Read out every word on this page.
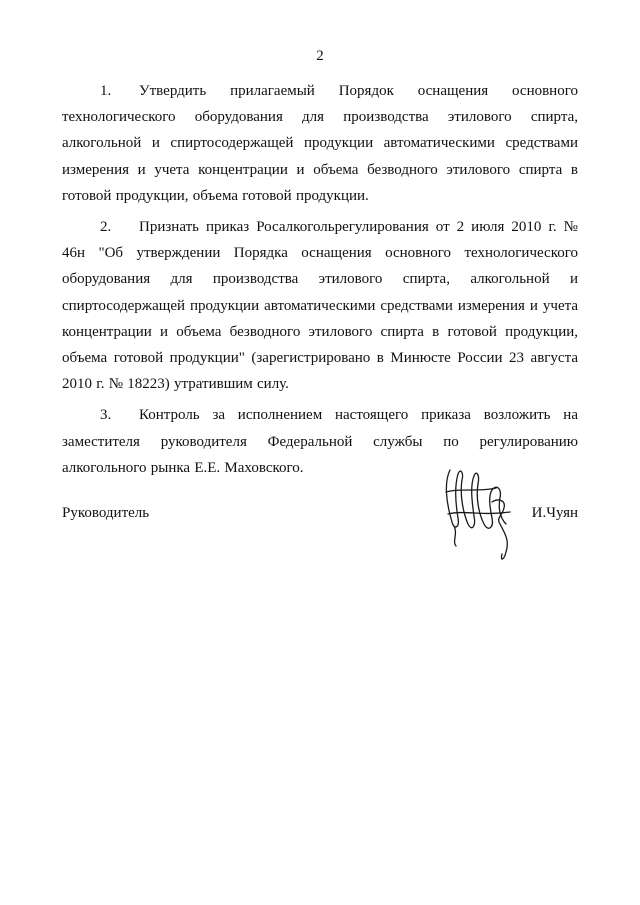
2

1. Утвердить прилагаемый Порядок оснащения основного технологического оборудования для производства этилового спирта, алкогольной и спиртосодержащей продукции автоматическими средствами измерения и учета концентрации и объема безводного этилового спирта в готовой продукции, объема готовой продукции.

2. Признать приказ Росалкогольрегулирования от 2 июля 2010 г. № 46н "Об утверждении Порядка оснащения основного технологического оборудования для производства этилового спирта, алкогольной и спиртосодержащей продукции автоматическими средствами измерения и учета концентрации и объема безводного этилового спирта в готовой продукции, объема готовой продукции" (зарегистрировано в Минюсте России 23 августа 2010 г. № 18223) утратившим силу.

3. Контроль за исполнением настоящего приказа возложить на заместителя руководителя Федеральной службы по регулированию алкогольного рынка Е.Е. Маховского.

Руководитель	И.Чуян
